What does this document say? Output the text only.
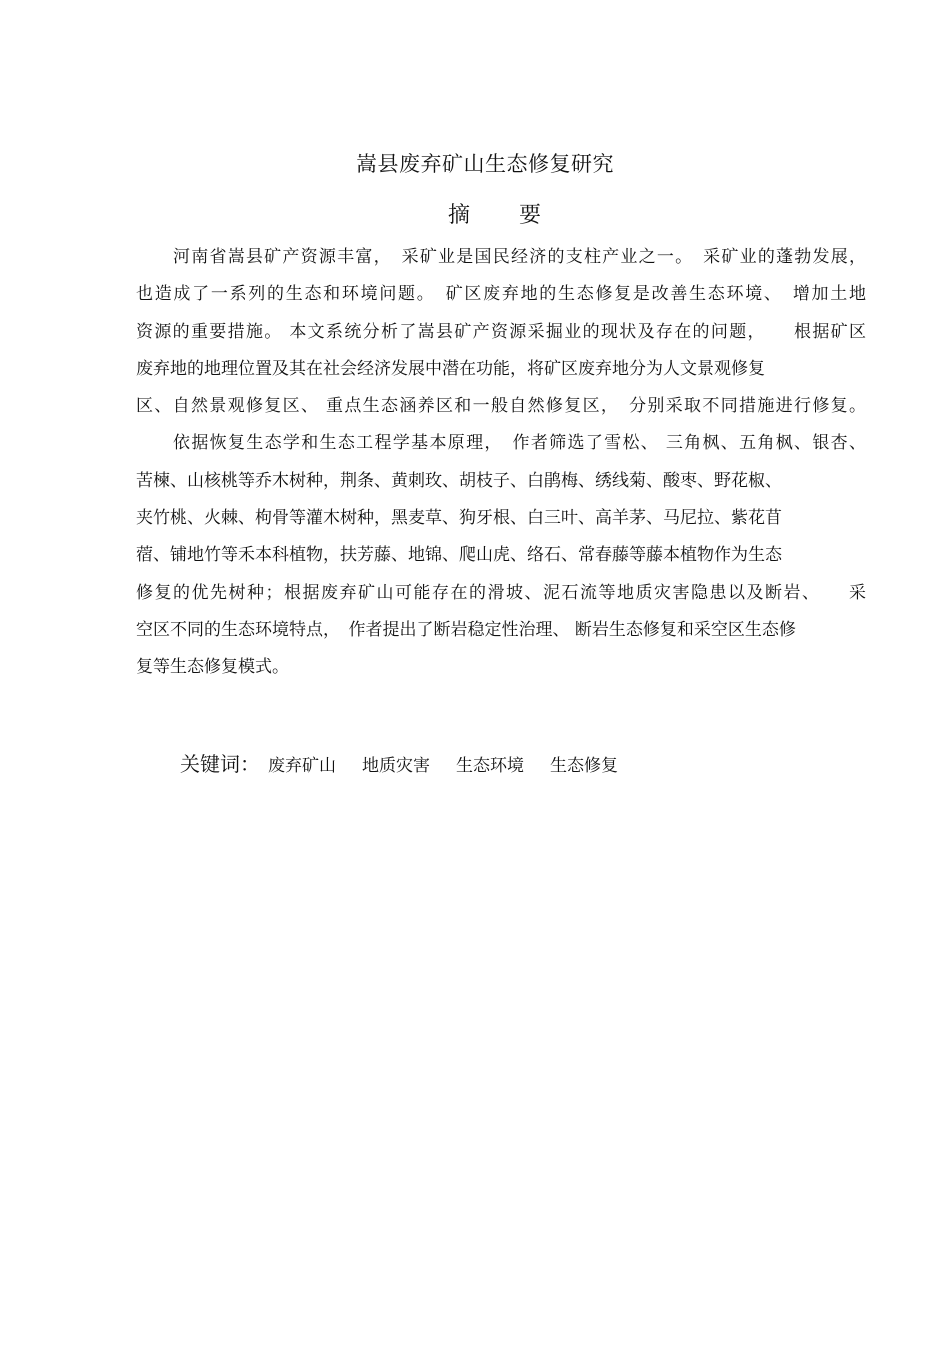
嵩县废弃矿山生态修复研究
摘 要
河南省嵩县矿产资源丰富，　采矿业是国民经济的支柱产业之一。　采矿业的蓬勃发展，
也造成了一系列的生态和环境问题。　矿区废弃地的生态修复是改善生态环境、　增加土地
资源的重要措施。 本文系统分析了嵩县矿产资源采掘业的现状及存在的问题，　　根据矿区
废弃地的地理位置及其在社会经济发展中潜在功能，将矿区废弃地分为人文景观修复
区、自然景观修复区、 重点生态涵养区和一般自然修复区，　分别采取不同措施进行修复。
依据恢复生态学和生态工程学基本原理，　作者筛选了雪松、 三角枫、五角枫、银杏、
苦楝、山核桃等乔木树种，荆条、黄刺玫、胡枝子、白鹃梅、绣线菊、酸枣、野花椒、
夹竹桃、火棘、枸骨等灌木树种，黑麦草、狗牙根、白三叶、高羊茅、马尼拉、紫花苜
蓿、铺地竹等禾本科植物，扶芳藤、地锦、爬山虎、络石、常春藤等藤本植物作为生态
修复的优先树种；根据废弃矿山可能存在的滑坡、泥石流等地质灾害隐患以及断岩、　　采
空区不同的生态环境特点，　作者提出了断岩稳定性治理、 断岩生态修复和采空区生态修
复等生态修复模式。
关键词： 废弃矿山 地质灾害 生态环境 生态修复
